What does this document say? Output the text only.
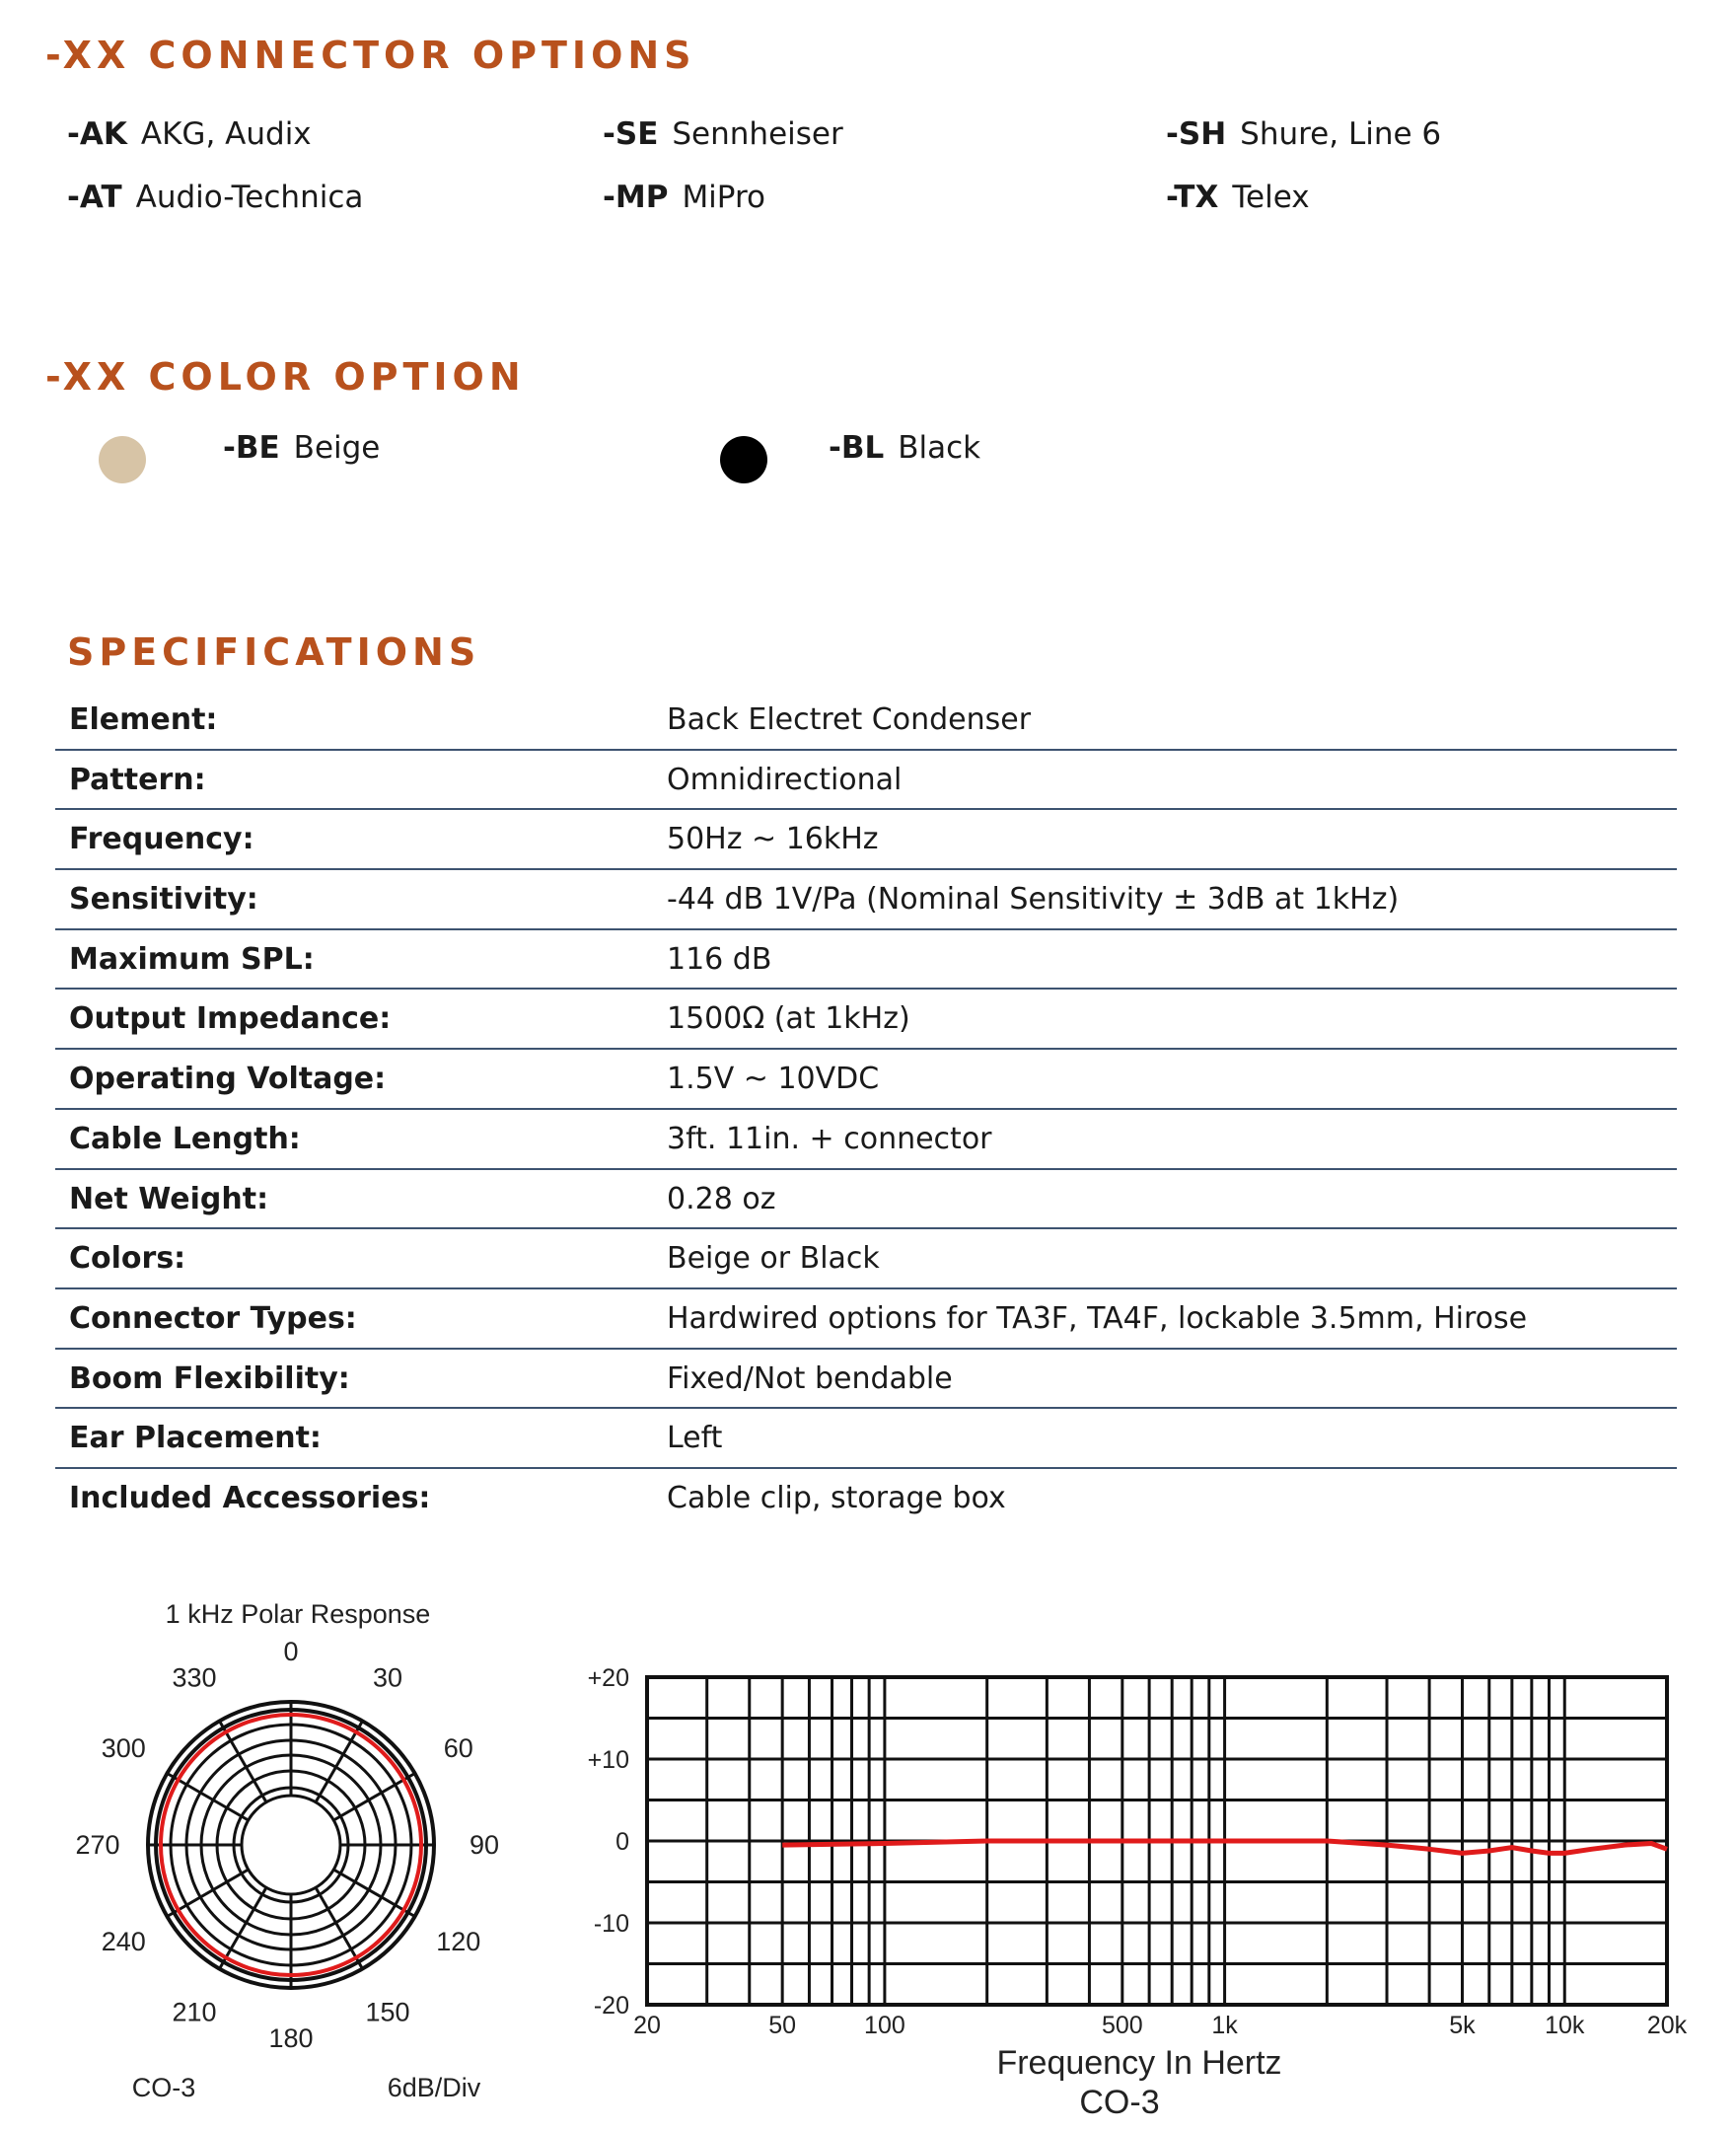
-XX CONNECTOR OPTIONS
-AK AKG, Audix	-SE Sennheiser	-SH Shure, Line 6
-AT Audio-Technica	-MP MiPro	-TX Telex
-XX COLOR OPTION
-BE Beige	-BL Black
SPECIFICATIONS
Element:	Back Electret Condenser
Pattern:	Omnidirectional
Frequency:	50Hz ~ 16kHz
Sensitivity:	-44 dB 1V/Pa (Nominal Sensitivity ± 3dB at 1kHz)
Maximum SPL:	116 dB
Output Impedance:	1500Ω (at 1kHz)
Operating Voltage:	1.5V ~ 10VDC
Cable Length:	3ft. 11in. + connector
Net Weight:	0.28 oz
Colors:	Beige or Black
Connector Types:	Hardwired options for TA3F, TA4F, lockable 3.5mm, Hirose
Boom Flexibility:	Fixed/Not bendable
Ear Placement:	Left
Included Accessories:	Cable clip, storage box
1 kHz Polar Response
0
30
60
90
120
150
180
210
240
270
300
330
CO-3	6dB/Div
+20
+10
0
-10
-20
20	50	100	500	1k	5k	10k	20k
Frequency In Hertz
CO-3
